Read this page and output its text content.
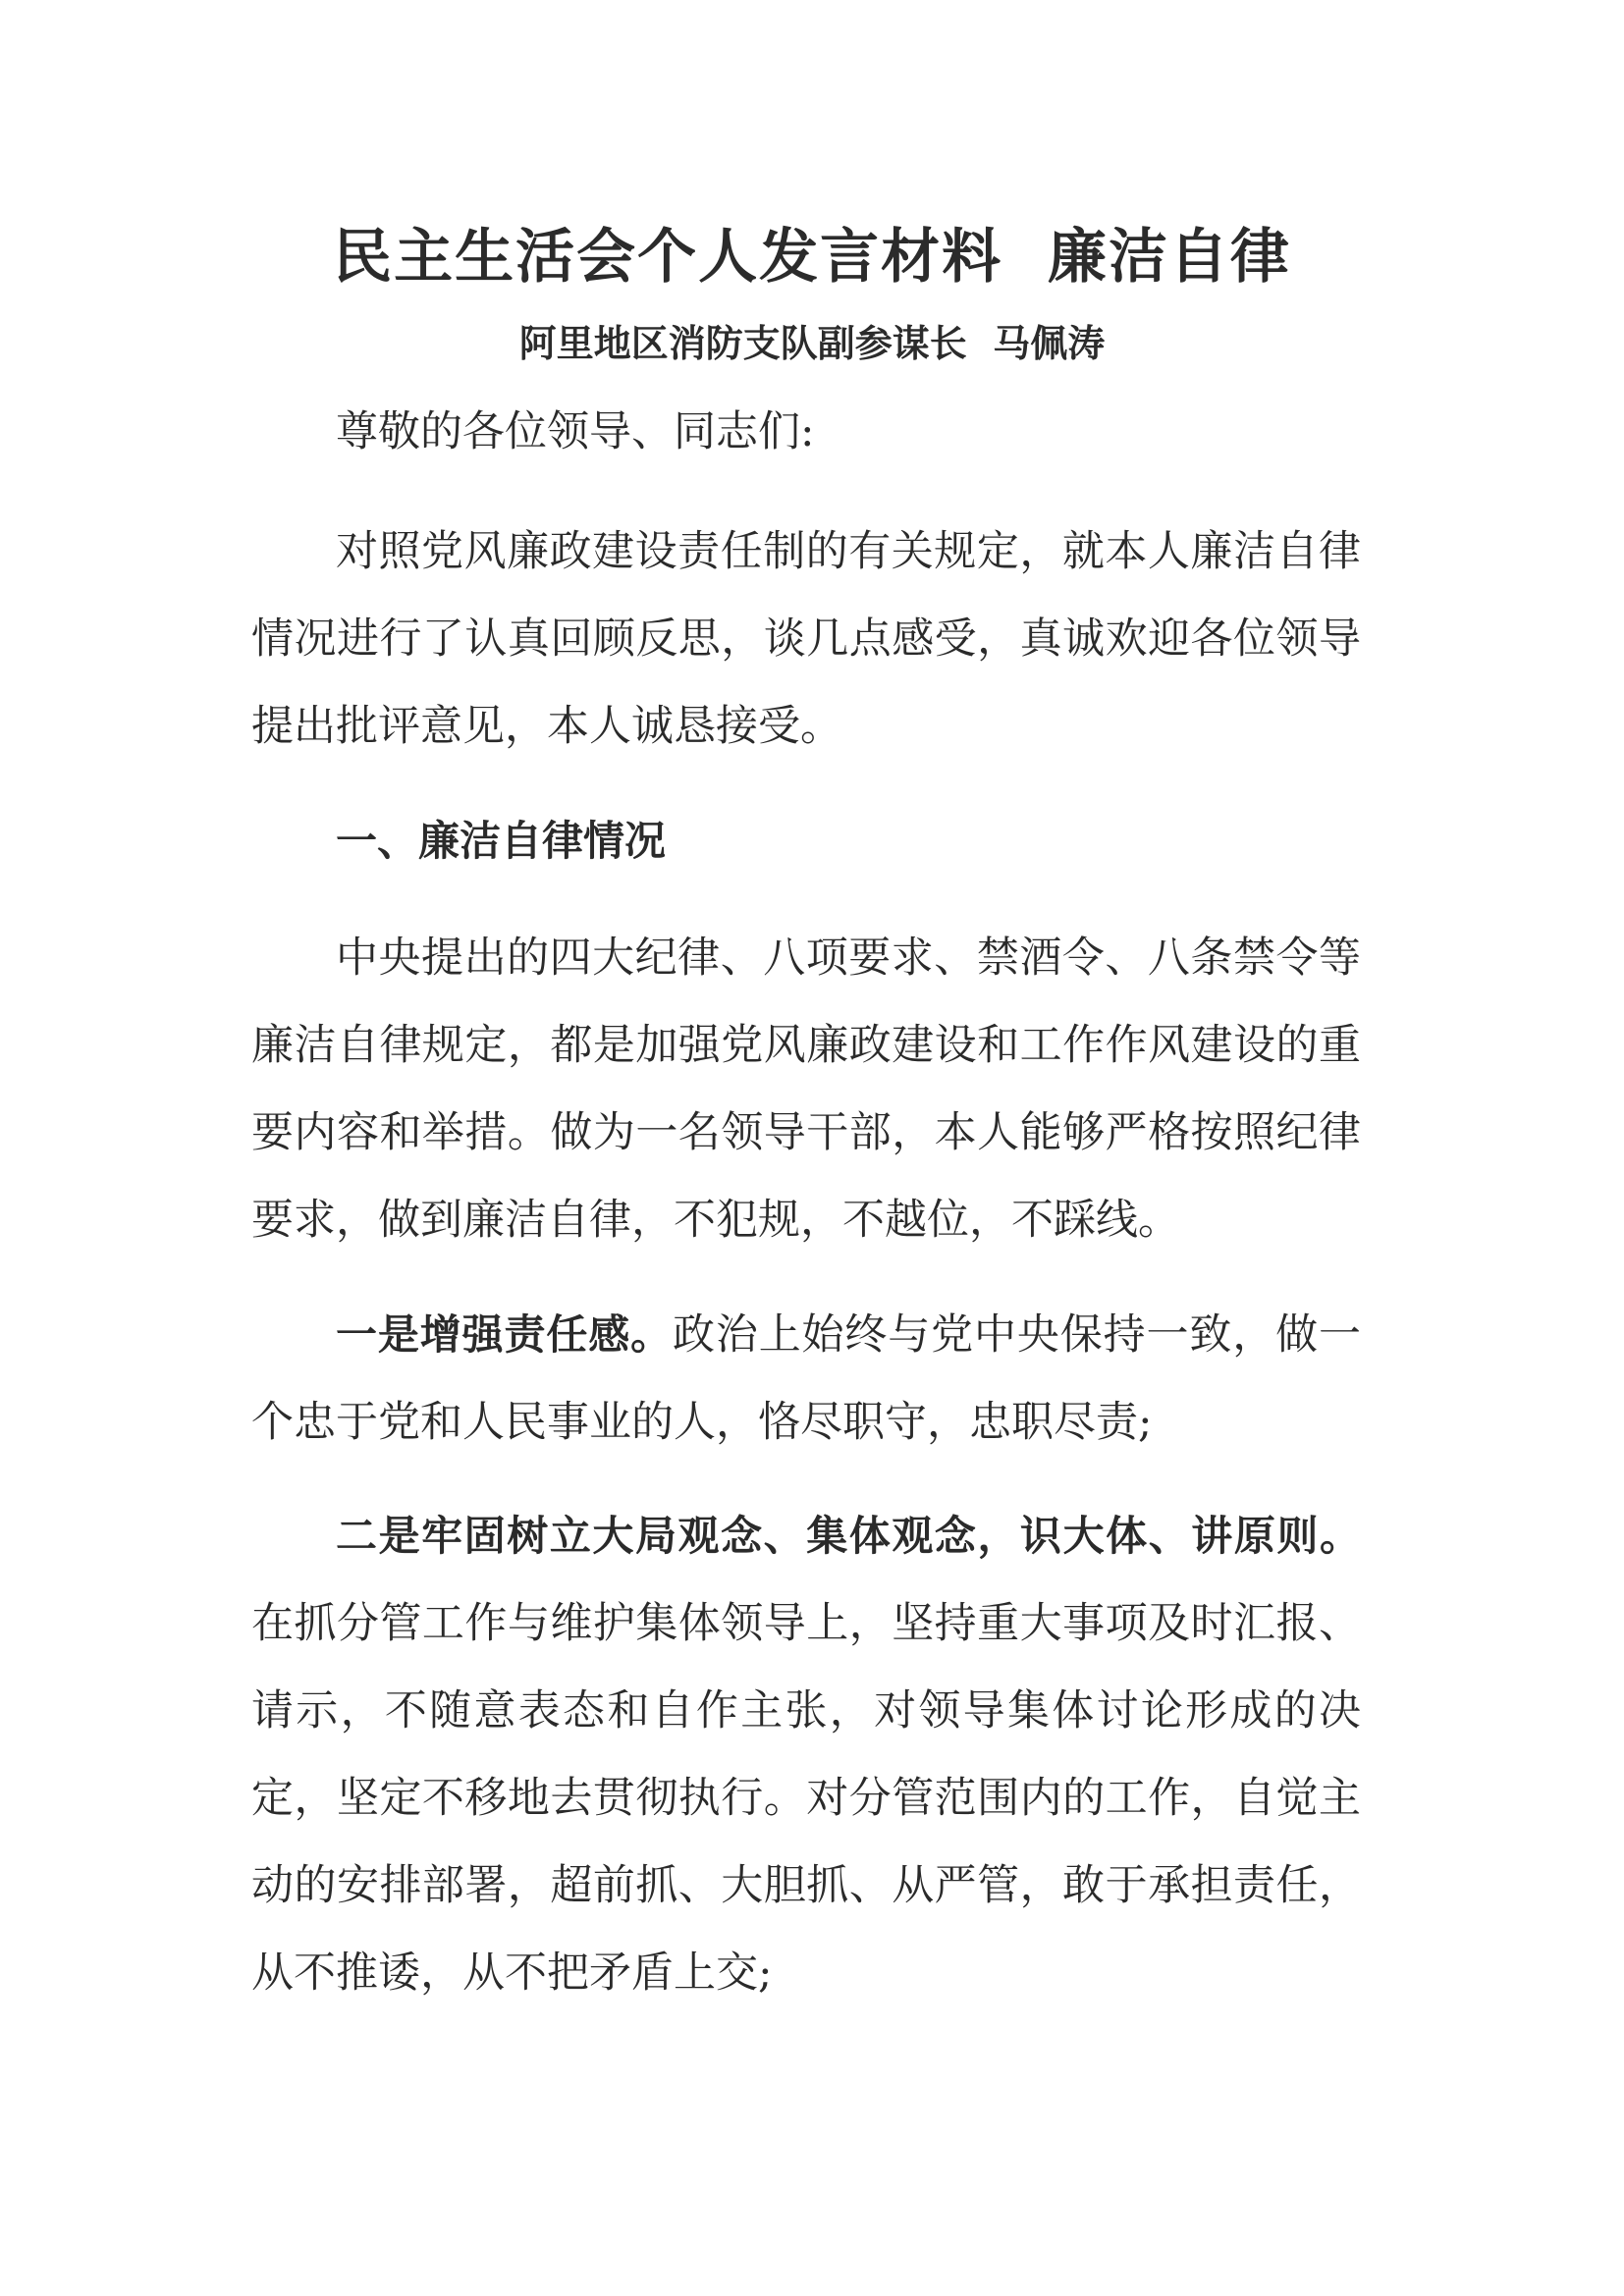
民主生活会个人发言材料  廉洁自律
阿里地区消防支队副参谋长  马佩涛

尊敬的各位领导、同志们:

对照党风廉政建设责任制的有关规定，就本人廉洁自律情况进行了认真回顾反思，谈几点感受，真诚欢迎各位领导提出批评意见，本人诚恳接受。

一、廉洁自律情况

中央提出的四大纪律、八项要求、禁酒令、八条禁令等廉洁自律规定，都是加强党风廉政建设和工作作风建设的重要内容和举措。做为一名领导干部，本人能够严格按照纪律要求，做到廉洁自律，不犯规，不越位，不踩线。

一是增强责任感。政治上始终与党中央保持一致，做一个忠于党和人民事业的人，恪尽职守，忠职尽责;

二是牢固树立大局观念、集体观念，识大体、讲原则。在抓分管工作与维护集体领导上，坚持重大事项及时汇报、请示，不随意表态和自作主张，对领导集体讨论形成的决定，坚定不移地去贯彻执行。对分管范围内的工作，自觉主动的安排部署，超前抓、大胆抓、从严管，敢于承担责任，从不推诿，从不把矛盾上交;
